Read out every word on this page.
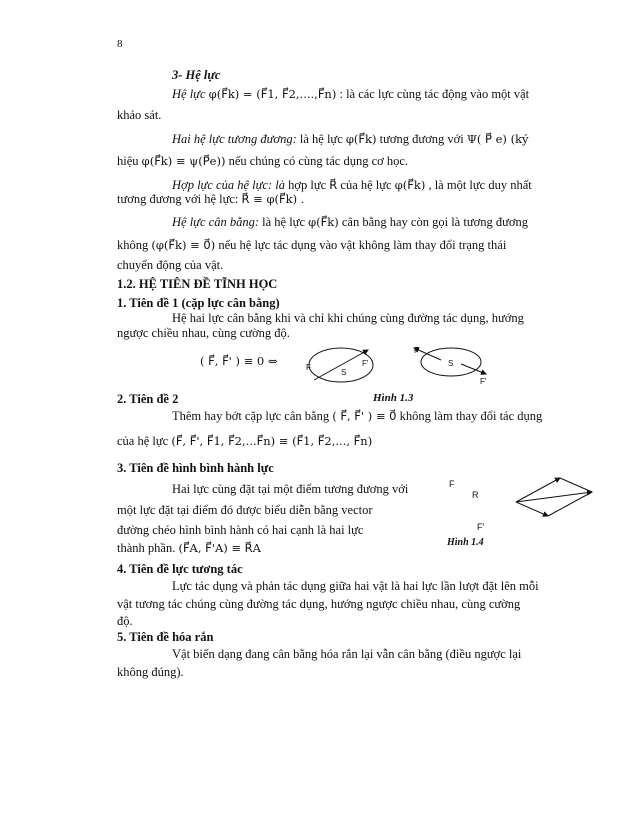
8
3- Hệ lực
Hệ lực φ(F⃗k) = (F⃗1, F⃗2,....,F⃗n) : là các lực cùng tác động vào một vật
khảo sát.
Hai hệ lực tương đương: là hệ lực φ(F⃗k) tương đương với Ψ( P⃗ e) (ký
hiệu φ(F⃗k) ≡ ψ(P⃗e)) nếu chúng có cùng tác dụng cơ học.
Hợp lực của hệ lực: là hợp lực R⃗ của hệ lực φ(F⃗k) , là một lực duy nhất
tương đương với hệ lực: R⃗ ≡ φ(F⃗k) .
Hệ lực cân bằng: là hệ lực φ(F⃗k) cân bằng hay còn gọi là tương đương
không (φ(F⃗k) ≡ 0⃗) nếu hệ lực tác dụng vào vật không làm thay đổi trạng thái
chuyển động của vật.
1.2. HỆ TIÊN ĐỀ TĨNH HỌC
1. Tiên đề 1 (cặp lực cân bằng)
Hệ hai lực cân bằng khi và chỉ khi chúng cùng đường tác dụng, hướng
ngược chiều nhau, cùng cường độ.
( F⃗, F⃗' ) ≡ 0 ⇔	F	F'
S
F
F'
S
2. Tiên đề 2	Hình 1.3
Thêm hay bớt cặp lực cân bằng ( F⃗, F⃗' ) ≡ 0⃗ không làm thay đổi tác dụng
của hệ lực (F⃗, F⃗', F⃗1, F⃗2,...F⃗n) ≡ (F⃗1, F⃗2,..., F⃗n)
3. Tiên đề hình bình hành lực
Hai lực cùng đặt tại một điểm tương đương với
một lực đặt tại điểm đó được biểu diễn bằng vector
đường chéo hình bình hành có hai cạnh là hai lực
thành phần. (F⃗A, F⃗'A) ≡ R⃗A
F
R
F'
Hình 1.4
4. Tiên đề lực tương tác
Lực tác dụng và phản tác dụng giữa hai vật là hai lực lần lượt đặt lên mỗi
vật tương tác chúng cùng đường tác dụng, hướng ngược chiều nhau, cùng cường
độ.
5. Tiên đề hóa rắn
Vật biến dạng đang cân bằng hóa rắn lại vẫn cân bằng (điều ngược lại
không đúng).
